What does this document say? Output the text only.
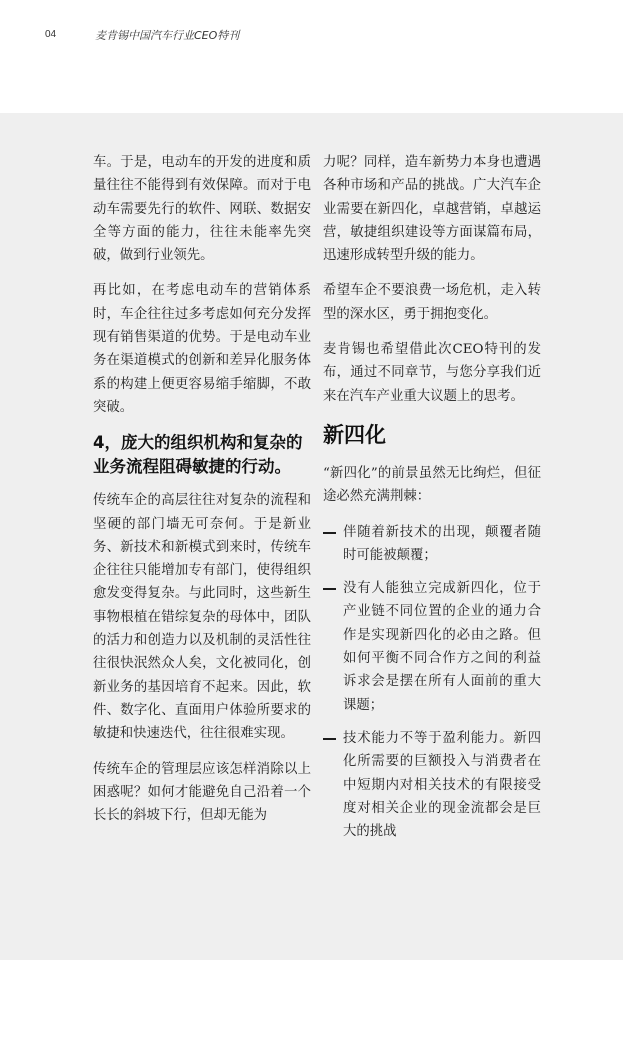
04	麦肯锡中国汽车行业CEO特刊

车。于是，电动车的开发的进度和质量往往不能得到有效保障。而对于电动车需要先行的软件、网联、数据安全等方面的能力，往往未能率先突破，做到行业领先。

再比如，在考虑电动车的营销体系时，车企往往过多考虑如何充分发挥现有销售渠道的优势。于是电动车业务在渠道模式的创新和差异化服务体系的构建上便更容易缩手缩脚，不敢突破。

4，庞大的组织机构和复杂的业务流程阻碍敏捷的行动。

传统车企的高层往往对复杂的流程和坚硬的部门墙无可奈何。于是新业务、新技术和新模式到来时，传统车企往往只能增加专有部门，使得组织愈发变得复杂。与此同时，这些新生事物根植在错综复杂的母体中，团队的活力和创造力以及机制的灵活性往往很快泯然众人矣，文化被同化，创新业务的基因培育不起来。因此，软件、数字化、直面用户体验所要求的敏捷和快速迭代，往往很难实现。

传统车企的管理层应该怎样消除以上困惑呢？如何才能避免自己沿着一个长长的斜坡下行，但却无能为

力呢？同样，造车新势力本身也遭遇各种市场和产品的挑战。广大汽车企业需要在新四化，卓越营销，卓越运营，敏捷组织建设等方面谋篇布局，迅速形成转型升级的能力。

希望车企不要浪费一场危机，走入转型的深水区，勇于拥抱变化。

麦肯锡也希望借此次CEO特刊的发布，通过不同章节，与您分享我们近来在汽车产业重大议题上的思考。

新四化

“新四化”的前景虽然无比绚烂，但征途必然充满荆棘：

伴随着新技术的出现，颠覆者随时可能被颠覆；
没有人能独立完成新四化，位于产业链不同位置的企业的通力合作是实现新四化的必由之路。但如何平衡不同合作方之间的利益诉求会是摆在所有人面前的重大课题；
技术能力不等于盈利能力。新四化所需要的巨额投入与消费者在中短期内对相关技术的有限接受度对相关企业的现金流都会是巨大的挑战
